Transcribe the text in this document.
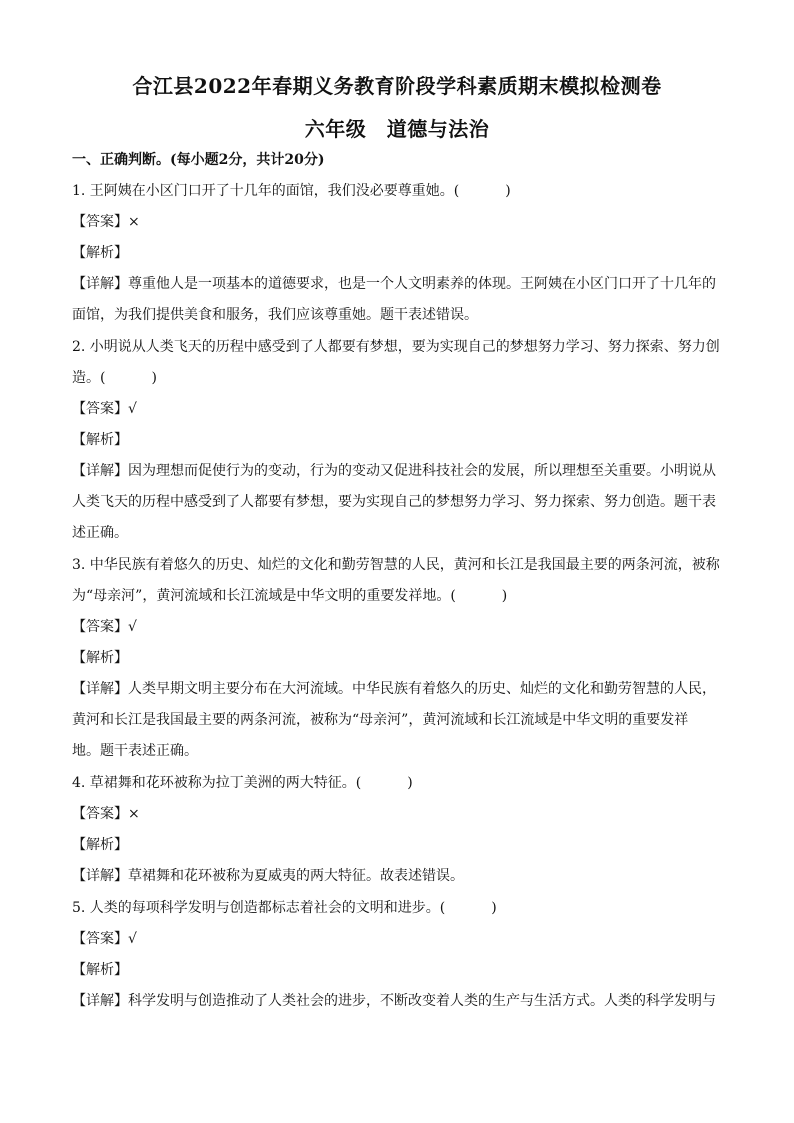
合江县2022年春期义务教育阶段学科素质期末模拟检测卷
六年级　道德与法治
一、正确判断。(每小题2分，共计20分)
1. 王阿姨在小区门口开了十几年的面馆，我们没必要尊重她。(	)
【答案】×
【解析】
【详解】尊重他人是一项基本的道德要求，也是一个人文明素养的体现。王阿姨在小区门口开了十几年的
面馆，为我们提供美食和服务，我们应该尊重她。题干表述错误。
2. 小明说从人类飞天的历程中感受到了人都要有梦想，要为实现自己的梦想努力学习、努力探索、努力创
造。(	)
【答案】√
【解析】
【详解】因为理想而促使行为的变动，行为的变动又促进科技社会的发展，所以理想至关重要。小明说从
人类飞天的历程中感受到了人都要有梦想，要为实现自己的梦想努力学习、努力探索、努力创造。题干表
述正确。
3. 中华民族有着悠久的历史、灿烂的文化和勤劳智慧的人民，黄河和长江是我国最主要的两条河流，被称
为“母亲河”，黄河流域和长江流域是中华文明的重要发祥地。(	)
【答案】√
【解析】
【详解】人类早期文明主要分布在大河流域。中华民族有着悠久的历史、灿烂的文化和勤劳智慧的人民，
黄河和长江是我国最主要的两条河流，被称为“母亲河”，黄河流域和长江流域是中华文明的重要发祥
地。题干表述正确。
4. 草裙舞和花环被称为拉丁美洲的两大特征。(	)
【答案】×
【解析】
【详解】草裙舞和花环被称为夏威夷的两大特征。故表述错误。
5. 人类的每项科学发明与创造都标志着社会的文明和进步。(	)
【答案】√
【解析】
【详解】科学发明与创造推动了人类社会的进步，不断改变着人类的生产与生活方式。人类的科学发明与
